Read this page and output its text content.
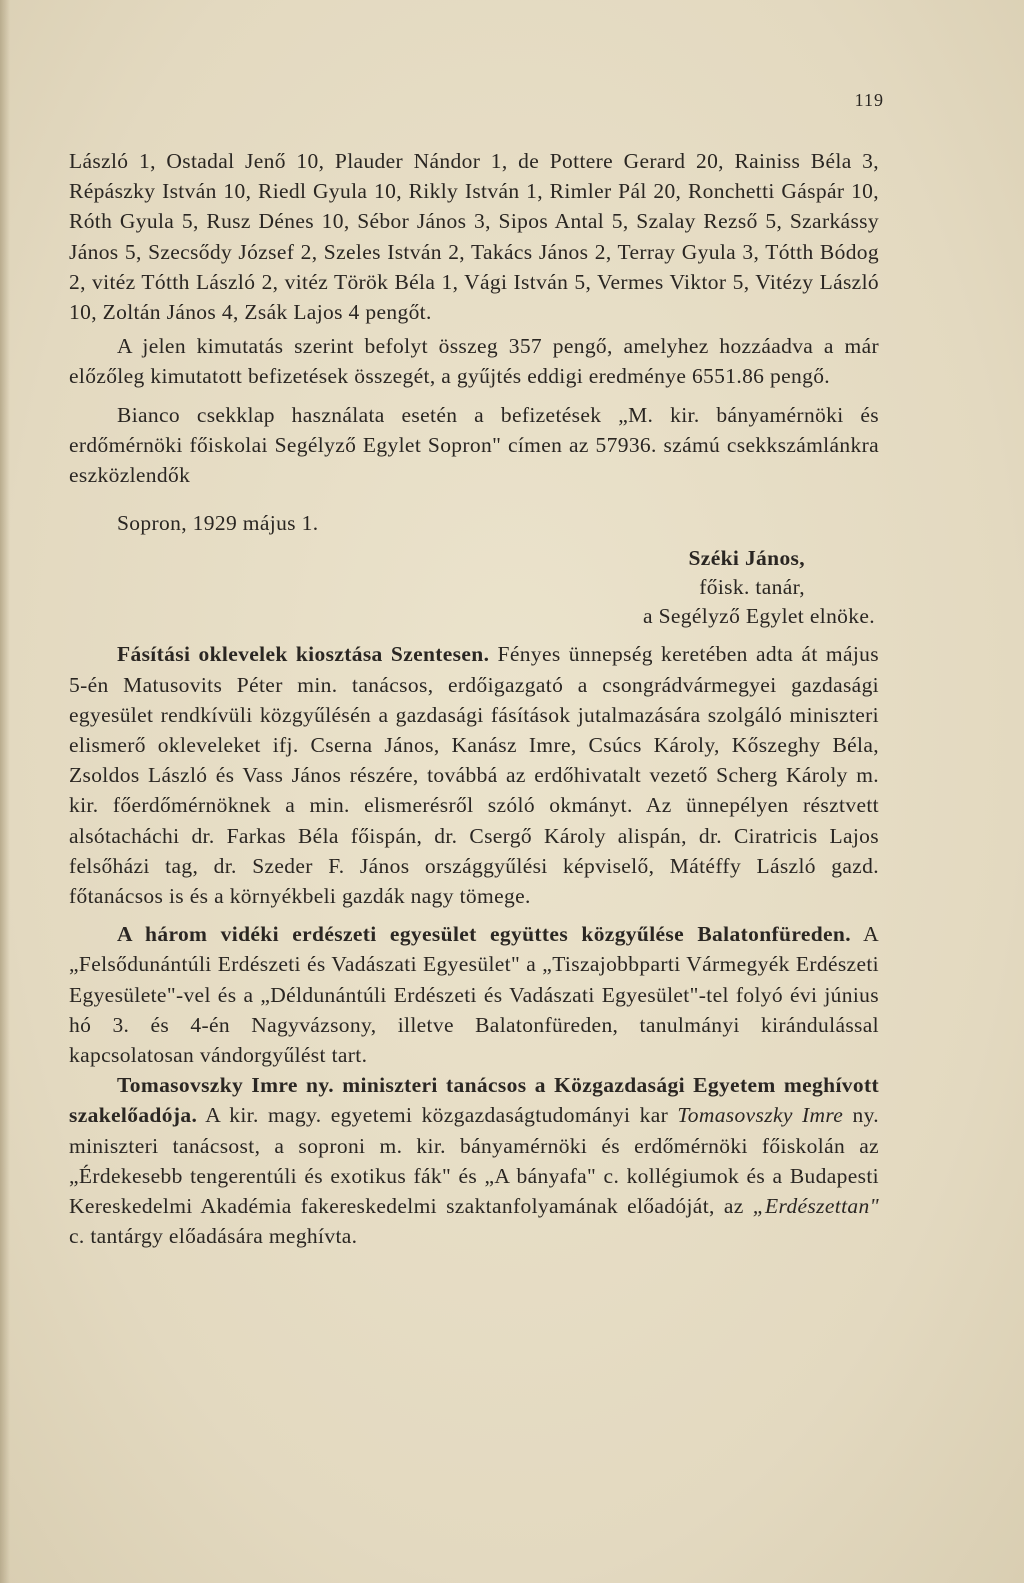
119

László 1, Ostadal Jenő 10, Plauder Nándor 1, de Pottere Gerard 20, Rainiss Béla 3, Répászky István 10, Riedl Gyula 10, Rikly István 1, Rimler Pál 20, Ronchetti Gáspár 10, Róth Gyula 5, Rusz Dénes 10, Sébor János 3, Sipos Antal 5, Szalay Rezső 5, Szarkássy János 5, Szecsődy József 2, Szeles István 2, Takács János 2, Terray Gyula 3, Tótth Bódog 2, vitéz Tótth László 2, vitéz Török Béla 1, Vági István 5, Vermes Viktor 5, Vitézy László 10, Zoltán János 4, Zsák Lajos 4 pengőt.

A jelen kimutatás szerint befolyt összeg 357 pengő, amelyhez hozzáadva a már előzőleg kimutatott befizetések összegét, a gyűjtés eddigi eredménye 6551.86 pengő.

Bianco csekklap használata esetén a befizetések „M. kir. bányamérnöki és erdőmérnöki főiskolai Segélyző Egylet Sopron" címen az 57936. számú csekkszámlánkra eszközlendők

Sopron, 1929 május 1.

Széki János,
főisk. tanár,
a Segélyző Egylet elnöke.

Fásítási oklevelek kiosztása Szentesen. Fényes ünnepség keretében adta át május 5-én Matusovits Péter min. tanácsos, erdőigazgató a csongrádvármegyei gazdasági egyesület rendkívüli közgyűlésén a gazdasági fásítások jutalmazására szolgáló miniszteri elismerő okleveleket ifj. Cserna János, Kanász Imre, Csúcs Károly, Kőszeghy Béla, Zsoldos László és Vass János részére, továbbá az erdőhivatalt vezető Scherg Károly m. kir. főerdőmérnöknek a min. elismerésről szóló okmányt. Az ünnepélyen résztvett alsótacháchi dr. Farkas Béla főispán, dr. Csergő Károly alispán, dr. Ciratricis Lajos felsőházi tag, dr. Szeder F. János országgyűlési képviselő, Mátéffy László gazd. főtanácsos is és a környékbeli gazdák nagy tömege.

A három vidéki erdészeti egyesület együttes közgyűlése Balatonfüreden. A „Felsődunántúli Erdészeti és Vadászati Egyesület" a „Tiszajobbparti Vármegyék Erdészeti Egyesülete"-vel és a „Déldunántúli Erdészeti és Vadászati Egyesület"-tel folyó évi június hó 3. és 4-én Nagyvázsony, illetve Balatonfüreden, tanulmányi kirándulással kapcsolatosan vándorgyűlést tart.

Tomasovszky Imre ny. miniszteri tanácsos a Közgazdasági Egyetem meghívott szakelőadója. A kir. magy. egyetemi közgazdaságtudományi kar Tomasovszky Imre ny. miniszteri tanácsost, a soproni m. kir. bányamérnöki és erdőmérnöki főiskolán az „Érdekesebb tengerentúli és exotikus fák" és „A bányafa" c. kollégiumok és a Budapesti Kereskedelmi Akadémia fakereskedelmi szaktanfolyamának előadóját, az „Erdészettan" c. tantárgy előadására meghívta.
